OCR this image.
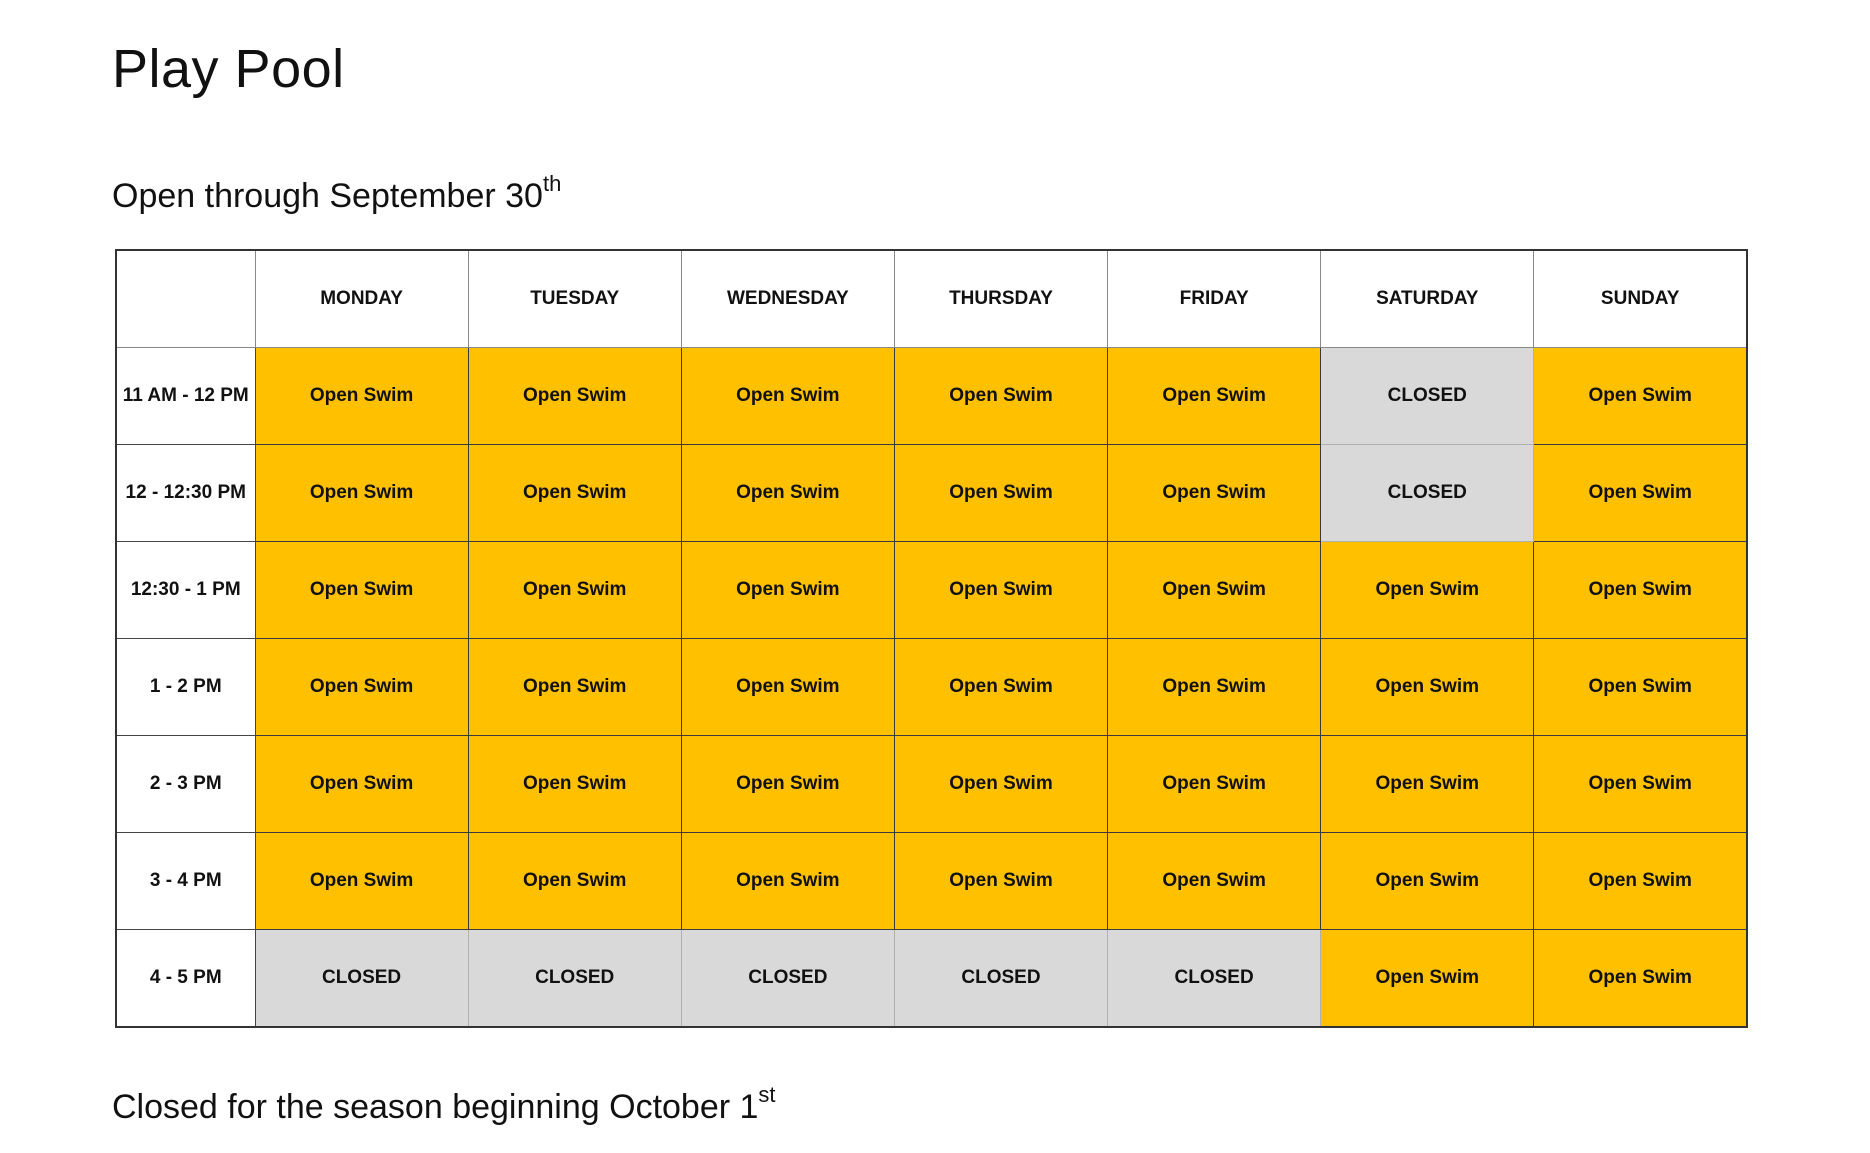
Play Pool
Open through September 30th
	MONDAY	TUESDAY	WEDNESDAY	THURSDAY	FRIDAY	SATURDAY	SUNDAY
11 AM - 12 PM	Open Swim	Open Swim	Open Swim	Open Swim	Open Swim	CLOSED	Open Swim
12 - 12:30 PM	Open Swim	Open Swim	Open Swim	Open Swim	Open Swim	CLOSED	Open Swim
12:30 - 1 PM	Open Swim	Open Swim	Open Swim	Open Swim	Open Swim	Open Swim	Open Swim
1 - 2 PM	Open Swim	Open Swim	Open Swim	Open Swim	Open Swim	Open Swim	Open Swim
2 - 3 PM	Open Swim	Open Swim	Open Swim	Open Swim	Open Swim	Open Swim	Open Swim
3 - 4 PM	Open Swim	Open Swim	Open Swim	Open Swim	Open Swim	Open Swim	Open Swim
4 - 5 PM	CLOSED	CLOSED	CLOSED	CLOSED	CLOSED	Open Swim	Open Swim
Closed for the season beginning October 1st
